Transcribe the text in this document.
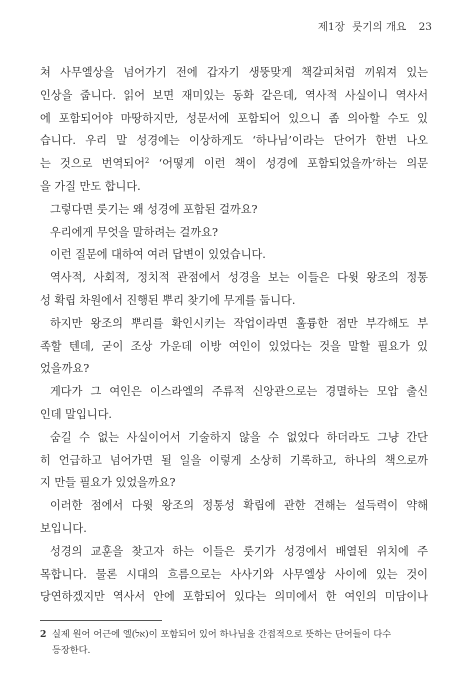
제1장 룻기의 개요 23
쳐 사무엘상을 넘어가기 전에 갑자기 생뚱맞게 책갈피처럼 끼워져 있는
인상을 줍니다. 읽어 보면 재미있는 동화 같은데, 역사적 사실이니 역사서
에 포함되어야 마땅하지만, 성문서에 포함되어 있으니 좀 의아할 수도 있
습니다. 우리 말 성경에는 이상하게도 ‘하나님’이라는 단어가 한번 나오
는 것으로 번역되어$^2$ ‘어떻게 이런 책이 성경에 포함되었을까’하는 의문
을 가질 만도 합니다.
그렇다면 룻기는 왜 성경에 포함된 걸까요?
우리에게 무엇을 말하려는 걸까요?
이런 질문에 대하여 여러 답변이 있었습니다.
역사적, 사회적, 정치적 관점에서 성경을 보는 이들은 다윗 왕조의 정통
성 확립 차원에서 진행된 뿌리 찾기에 무게를 둡니다.
하지만 왕조의 뿌리를 확인시키는 작업이라면 훌륭한 점만 부각해도 부
족할 텐데, 굳이 조상 가운데 이방 여인이 있었다는 것을 말할 필요가 있
었을까요?
게다가 그 여인은 이스라엘의 주류적 신앙관으로는 경멸하는 모압 출신
인데 말입니다.
숨길 수 없는 사실이어서 기술하지 않을 수 없었다 하더라도 그냥 간단
히 언급하고 넘어가면 될 일을 이렇게 소상히 기록하고, 하나의 책으로까
지 만들 필요가 있었을까요?
이러한 점에서 다윗 왕조의 정통성 확립에 관한 견해는 설득력이 약해
보입니다.
성경의 교훈을 찾고자 하는 이들은 룻기가 성경에서 배열된 위치에 주
목합니다. 물론 시대의 흐름으로는 사사기와 사무엘상 사이에 있는 것이
당연하겠지만 역사서 안에 포함되어 있다는 의미에서 한 여인의 미담이나
2 실제 원어 어근에 엘(אל)이 포함되어 있어 하나님을 간접적으로 뜻하는 단어들이 다수
등장한다.
